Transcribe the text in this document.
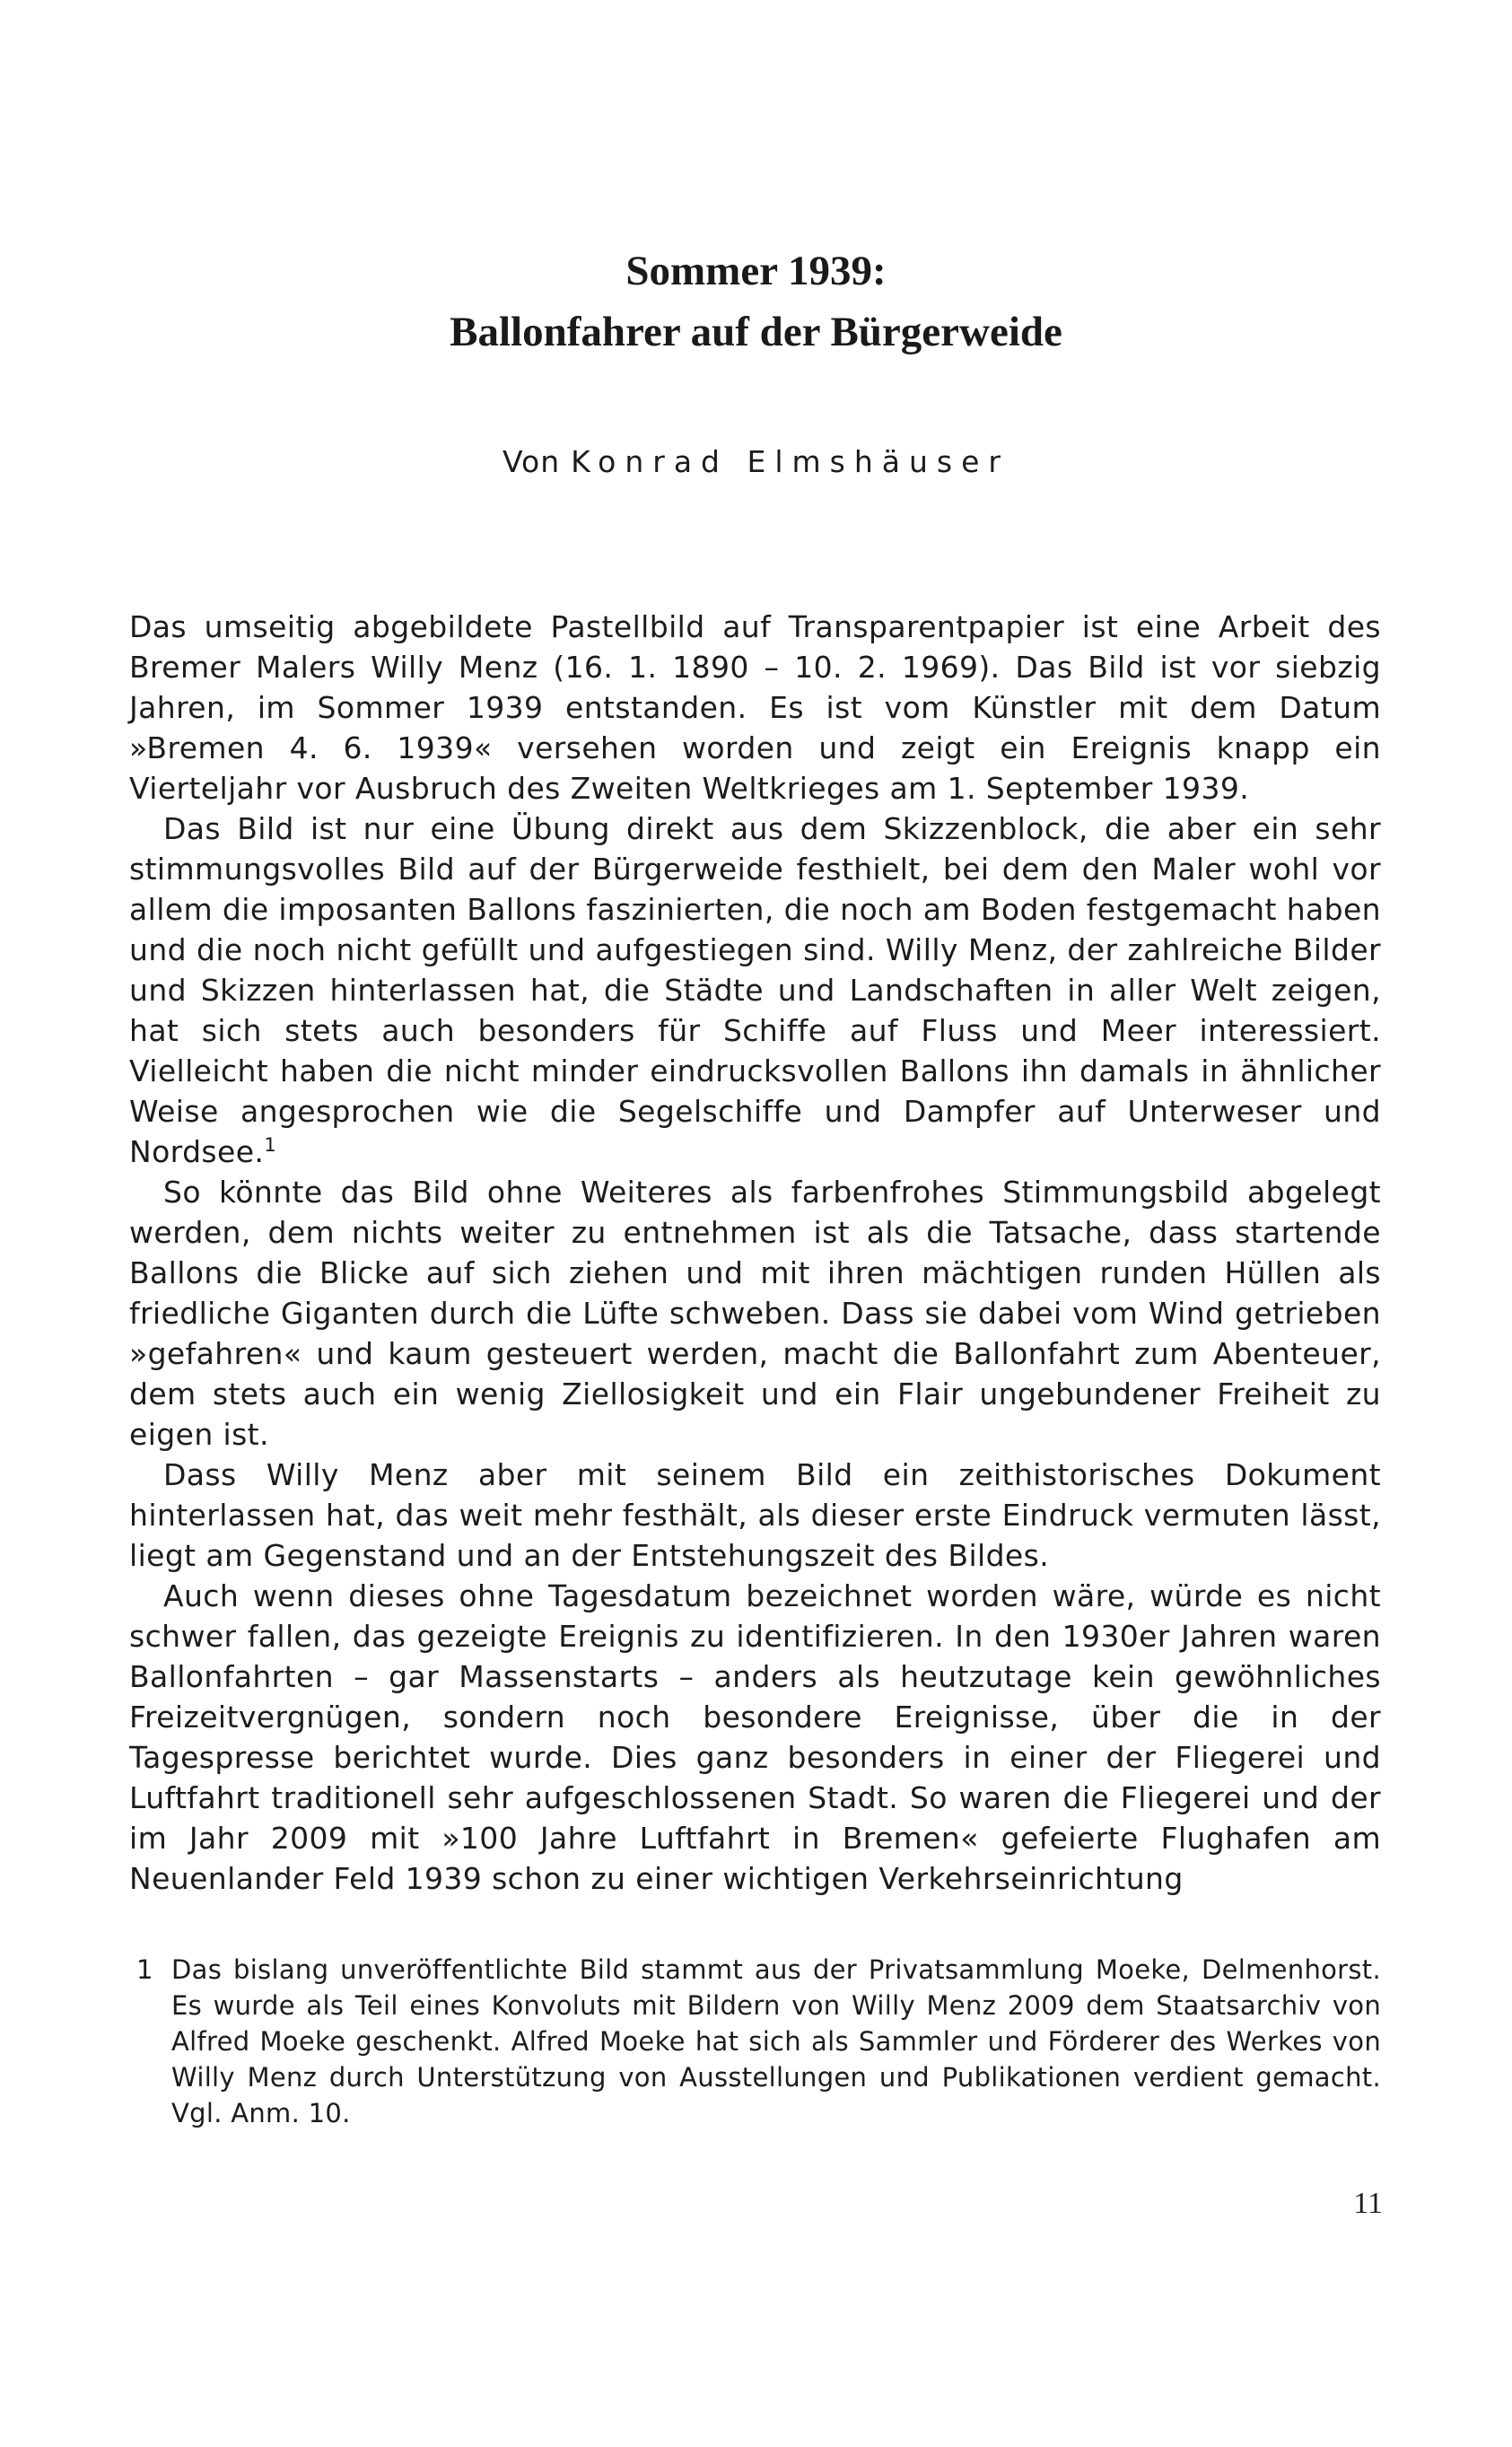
Sommer 1939:
Ballonfahrer auf der Bürgerweide
Von Konrad Elmshäuser

Das umseitig abgebildete Pastellbild auf Transparentpapier ist eine Arbeit des Bremer Malers Willy Menz (16. 1. 1890 – 10. 2. 1969). Das Bild ist vor siebzig Jahren, im Sommer 1939 entstanden. Es ist vom Künstler mit dem Datum »Bremen 4. 6. 1939« versehen worden und zeigt ein Ereignis knapp ein Vierteljahr vor Ausbruch des Zweiten Weltkrieges am 1. September 1939.

Das Bild ist nur eine Übung direkt aus dem Skizzenblock, die aber ein sehr stimmungsvolles Bild auf der Bürgerweide festhielt, bei dem den Maler wohl vor allem die imposanten Ballons faszinierten, die noch am Boden festgemacht haben und die noch nicht gefüllt und aufgestiegen sind. Willy Menz, der zahlreiche Bilder und Skizzen hinterlassen hat, die Städte und Landschaften in aller Welt zeigen, hat sich stets auch besonders für Schiffe auf Fluss und Meer interessiert. Vielleicht haben die nicht minder eindrucksvollen Ballons ihn damals in ähnlicher Weise angesprochen wie die Segelschiffe und Dampfer auf Unterweser und Nordsee.$^1$

So könnte das Bild ohne Weiteres als farbenfrohes Stimmungsbild abgelegt werden, dem nichts weiter zu entnehmen ist als die Tatsache, dass startende Ballons die Blicke auf sich ziehen und mit ihren mächtigen runden Hüllen als friedliche Giganten durch die Lüfte schweben. Dass sie dabei vom Wind getrieben »gefahren« und kaum gesteuert werden, macht die Ballonfahrt zum Abenteuer, dem stets auch ein wenig Ziellosigkeit und ein Flair ungebundener Freiheit zu eigen ist.

Dass Willy Menz aber mit seinem Bild ein zeithistorisches Dokument hinterlassen hat, das weit mehr festhält, als dieser erste Eindruck vermuten lässt, liegt am Gegenstand und an der Entstehungszeit des Bildes.

Auch wenn dieses ohne Tagesdatum bezeichnet worden wäre, würde es nicht schwer fallen, das gezeigte Ereignis zu identifizieren. In den 1930er Jahren waren Ballonfahrten – gar Massenstarts – anders als heutzutage kein gewöhnliches Freizeitvergnügen, sondern noch besondere Ereignisse, über die in der Tagespresse berichtet wurde. Dies ganz besonders in einer der Fliegerei und Luftfahrt traditionell sehr aufgeschlossenen Stadt. So waren die Fliegerei und der im Jahr 2009 mit »100 Jahre Luftfahrt in Bremen« gefeierte Flughafen am Neuenlander Feld 1939 schon zu einer wichtigen Verkehrseinrichtung

1 Das bislang unveröffentlichte Bild stammt aus der Privatsammlung Moeke, Delmenhorst. Es wurde als Teil eines Konvoluts mit Bildern von Willy Menz 2009 dem Staatsarchiv von Alfred Moeke geschenkt. Alfred Moeke hat sich als Sammler und Förderer des Werkes von Willy Menz durch Unterstützung von Ausstellungen und Publikationen verdient gemacht. Vgl. Anm. 10.
11
